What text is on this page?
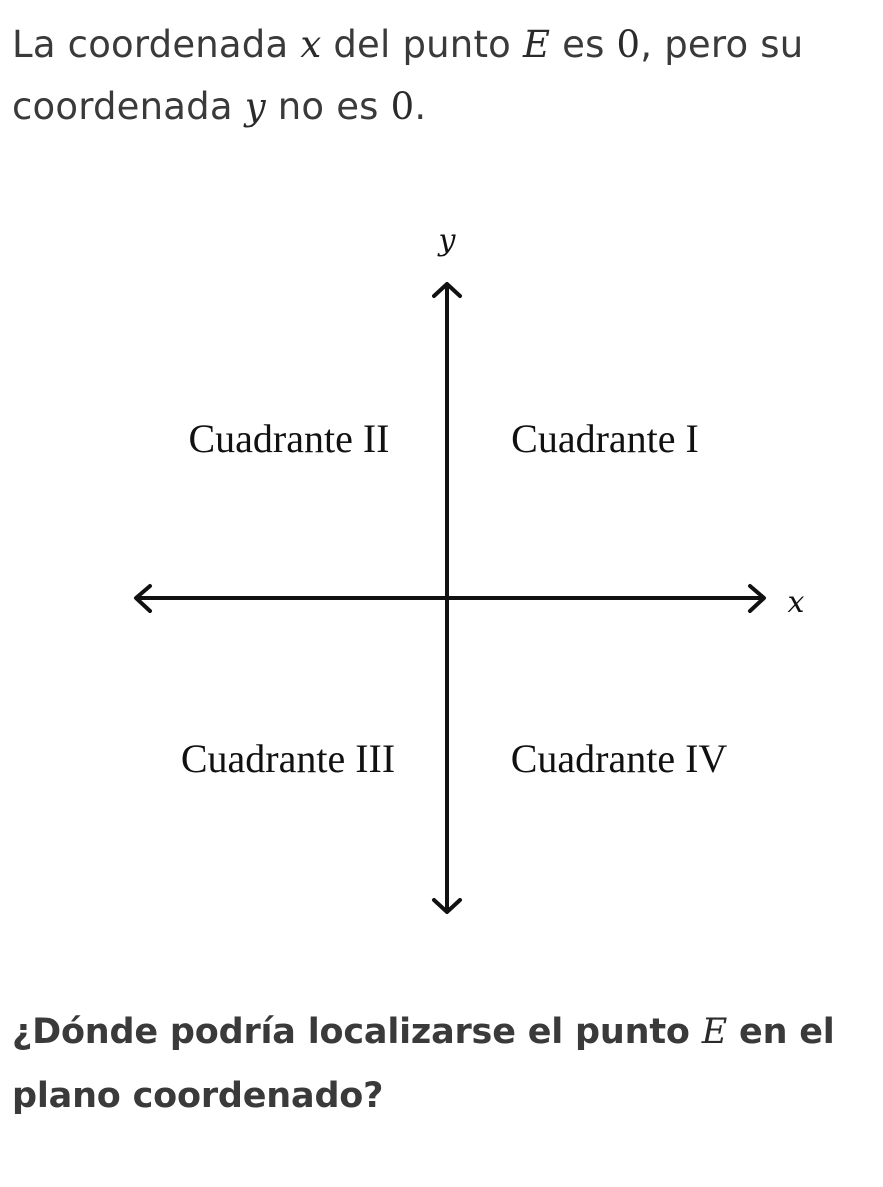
La coordenada x del punto E es 0, pero su coordenada y no es 0.
y
x
Cuadrante II	Cuadrante I
Cuadrante III	Cuadrante IV
¿Dónde podría localizarse el punto E en el plano coordenado?
